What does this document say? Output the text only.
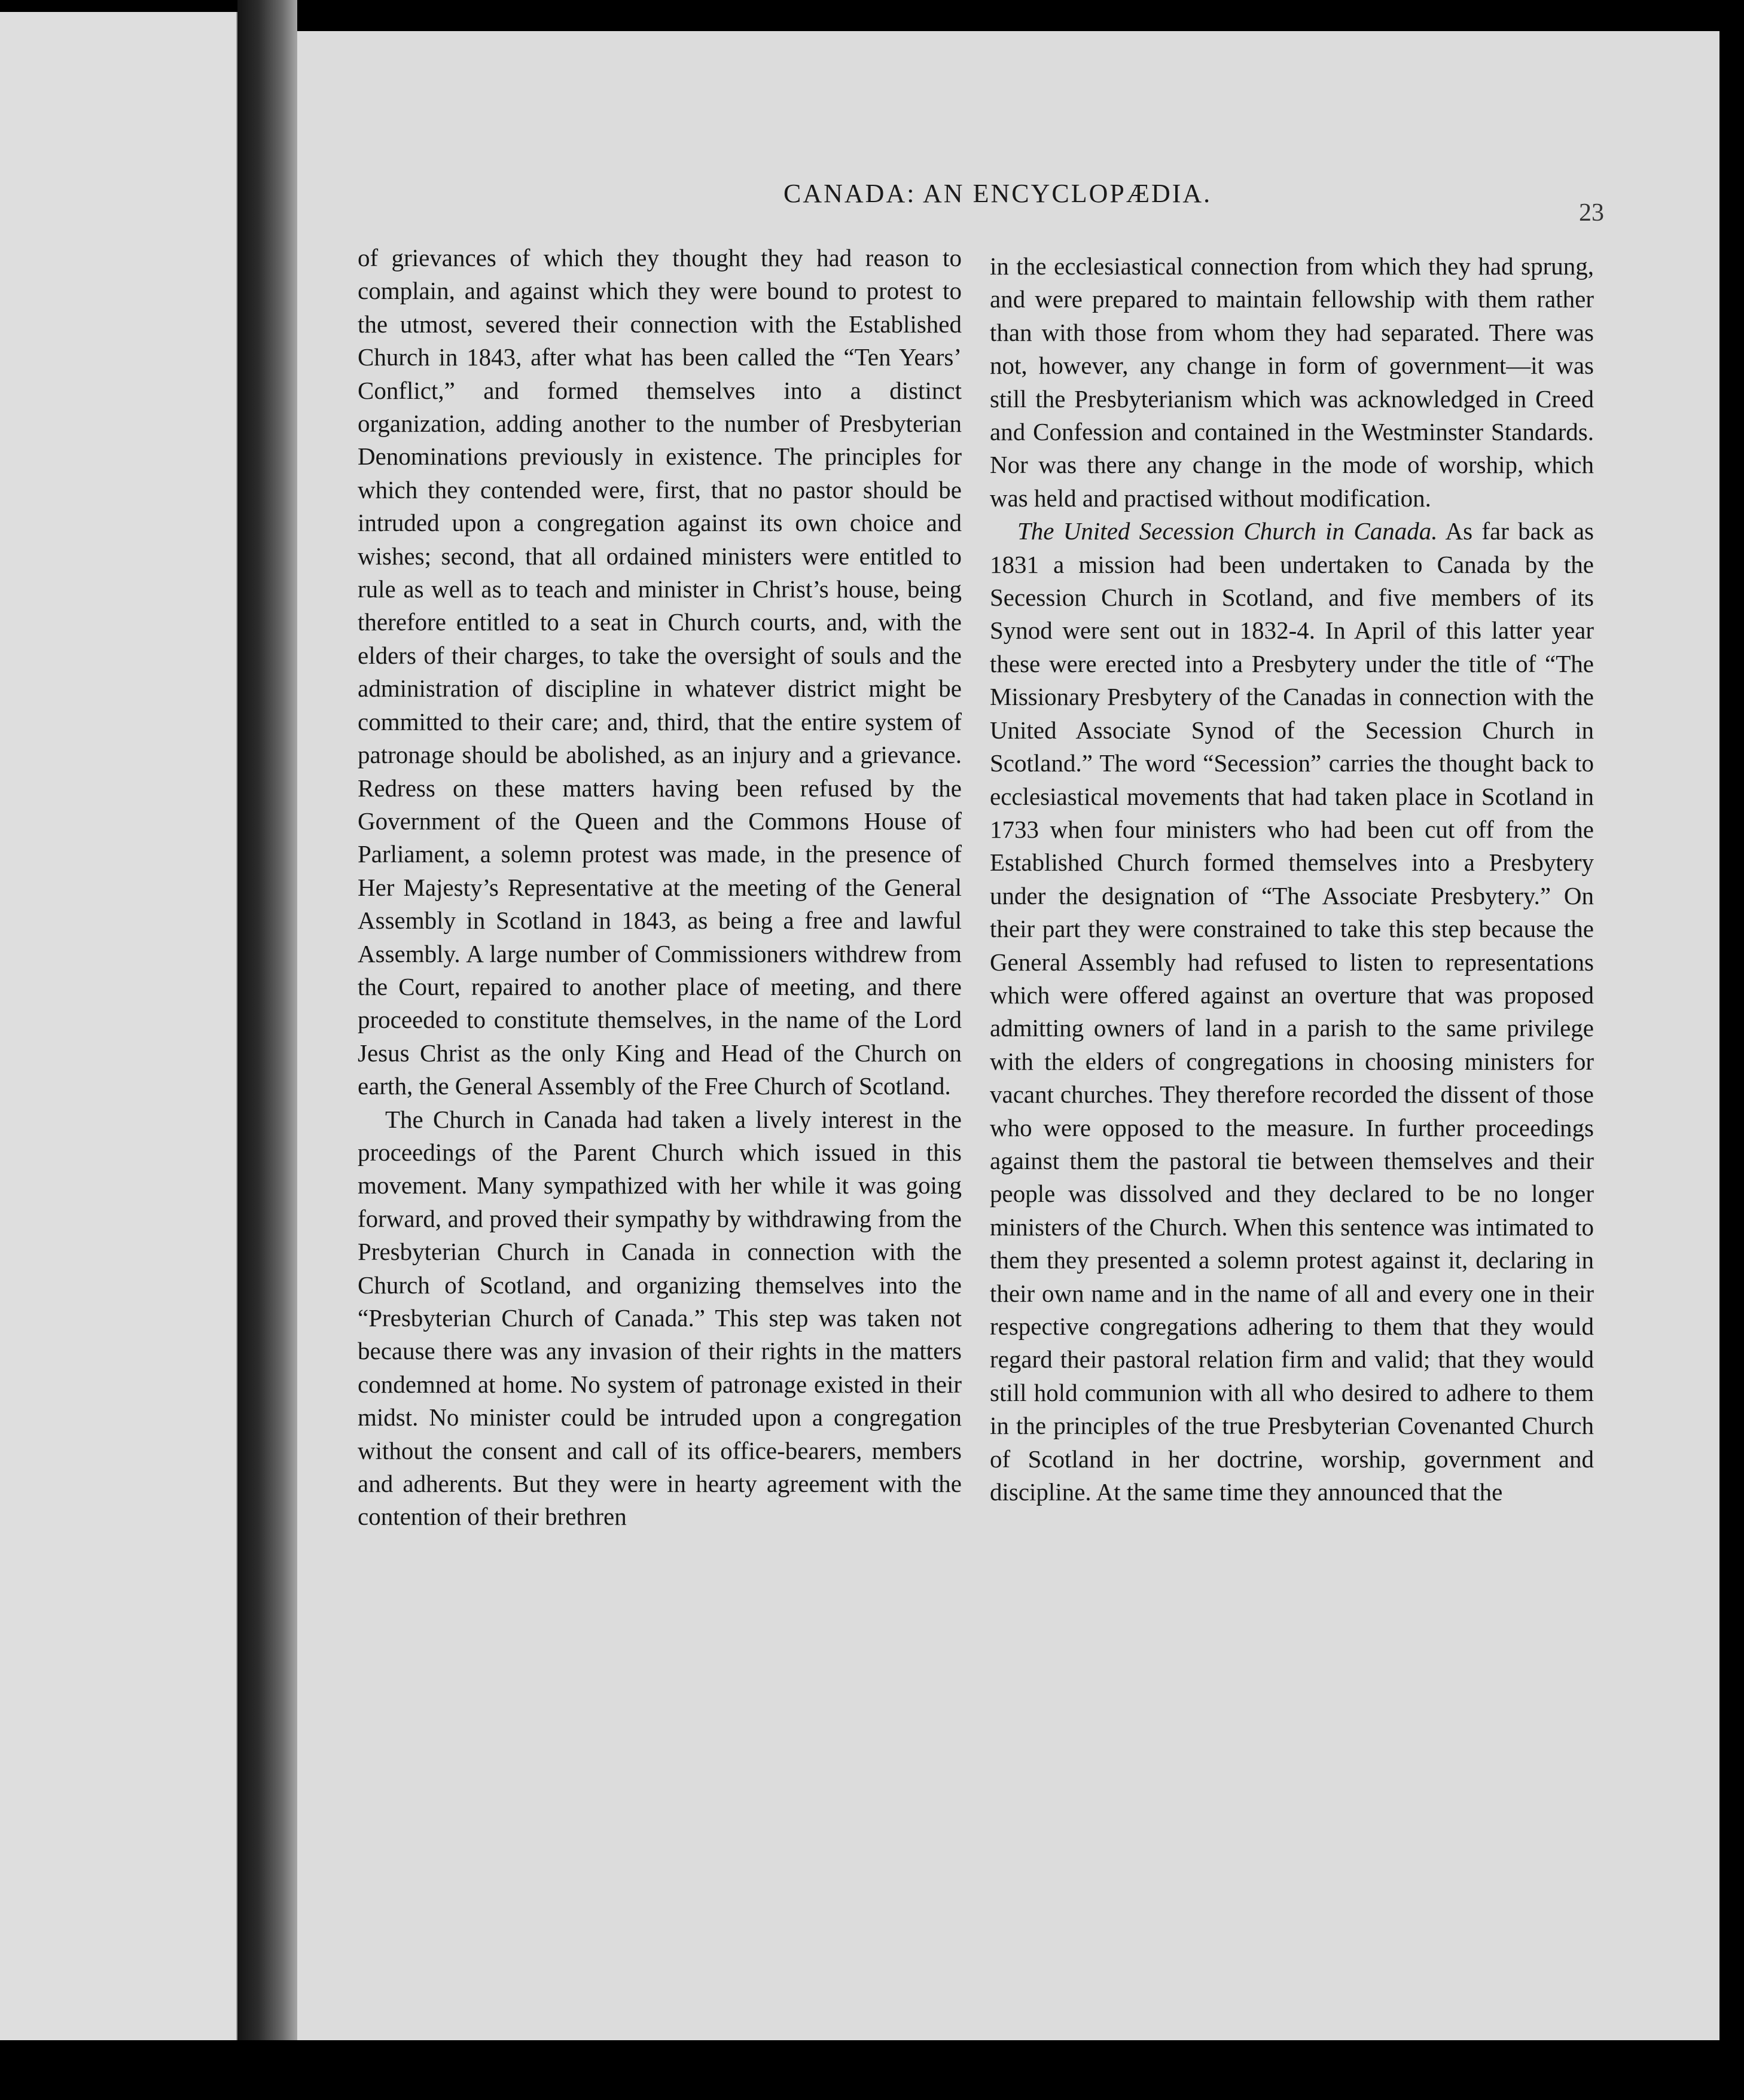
CANADA: AN ENCYCLOPÆDIA.
23

of grievances of which they thought they had reason to complain, and against which they were bound to protest to the utmost, severed their connection with the Established Church in 1843, after what has been called the “Ten Years’ Conflict,” and formed themselves into a distinct organization, adding another to the number of Presbyterian Denominations previously in existence. The principles for which they contended were, first, that no pastor should be intruded upon a congregation against its own choice and wishes; second, that all ordained ministers were entitled to rule as well as to teach and minister in Christ’s house, being therefore entitled to a seat in Church courts, and, with the elders of their charges, to take the oversight of souls and the administration of discipline in whatever district might be committed to their care; and, third, that the entire system of patronage should be abolished, as an injury and a grievance. Redress on these matters having been refused by the Government of the Queen and the Commons House of Parliament, a solemn protest was made, in the presence of Her Majesty’s Representative at the meeting of the General Assembly in Scotland in 1843, as being a free and lawful Assembly. A large number of Commissioners withdrew from the Court, repaired to another place of meeting, and there proceeded to constitute themselves, in the name of the Lord Jesus Christ as the only King and Head of the Church on earth, the General Assembly of the Free Church of Scotland.

The Church in Canada had taken a lively interest in the proceedings of the Parent Church which issued in this movement. Many sympathized with her while it was going forward, and proved their sympathy by withdrawing from the Presbyterian Church in Canada in connection with the Church of Scotland, and organizing themselves into the “Presbyterian Church of Canada.” This step was taken not because there was any invasion of their rights in the matters condemned at home. No system of patronage existed in their midst. No minister could be intruded upon a congregation without the consent and call of its office-bearers, members and adherents. But they were in hearty agreement with the contention of their brethren

in the ecclesiastical connection from which they had sprung, and were prepared to maintain fellowship with them rather than with those from whom they had separated. There was not, however, any change in form of government—it was still the Presbyterianism which was acknowledged in Creed and Confession and contained in the Westminster Standards. Nor was there any change in the mode of worship, which was held and practised without modification.

The United Secession Church in Canada. As far back as 1831 a mission had been undertaken to Canada by the Secession Church in Scotland, and five members of its Synod were sent out in 1832-4. In April of this latter year these were erected into a Presbytery under the title of “The Missionary Presbytery of the Canadas in connection with the United Associate Synod of the Secession Church in Scotland.” The word “Secession” carries the thought back to ecclesiastical movements that had taken place in Scotland in 1733 when four ministers who had been cut off from the Established Church formed themselves into a Presbytery under the designation of “The Associate Presbytery.” On their part they were constrained to take this step because the General Assembly had refused to listen to representations which were offered against an overture that was proposed admitting owners of land in a parish to the same privilege with the elders of congregations in choosing ministers for vacant churches. They therefore recorded the dissent of those who were opposed to the measure. In further proceedings against them the pastoral tie between themselves and their people was dissolved and they declared to be no longer ministers of the Church. When this sentence was intimated to them they presented a solemn protest against it, declaring in their own name and in the name of all and every one in their respective congregations adhering to them that they would regard their pastoral relation firm and valid; that they would still hold communion with all who desired to adhere to them in the principles of the true Presbyterian Covenanted Church of Scotland in her doctrine, worship, government and discipline. At the same time they announced that the
